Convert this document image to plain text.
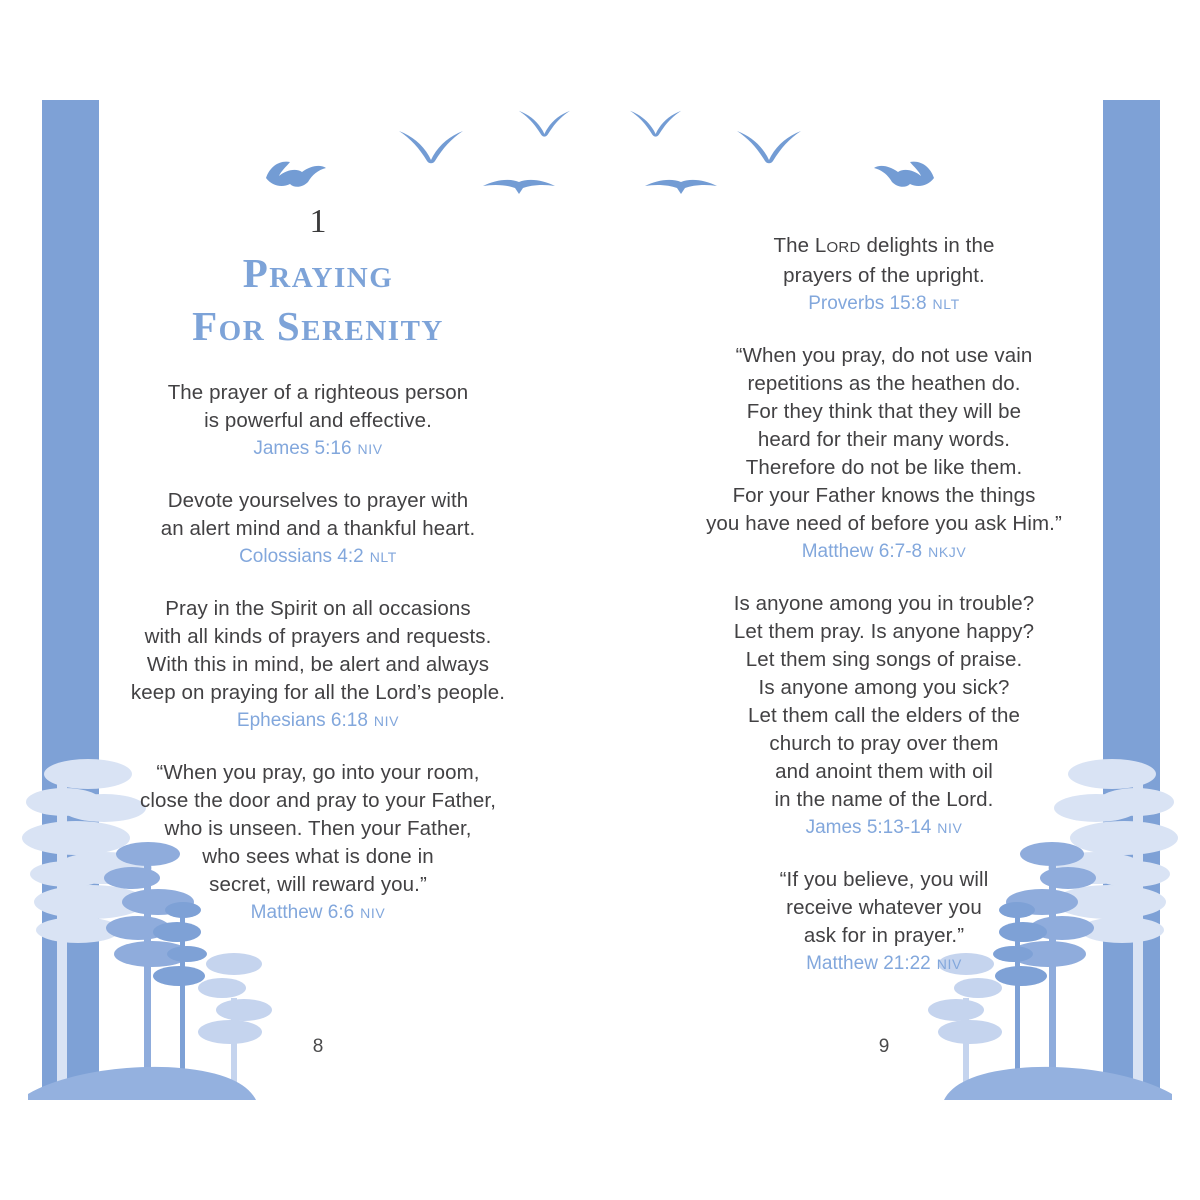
1
Praying
For Serenity
The prayer of a righteous person
is powerful and effective.
James 5:16 NIV
Devote yourselves to prayer with
an alert mind and a thankful heart.
Colossians 4:2 NLT
Pray in the Spirit on all occasions
with all kinds of prayers and requests.
With this in mind, be alert and always
keep on praying for all the Lord’s people.
Ephesians 6:18 NIV
“When you pray, go into your room,
close the door and pray to your Father,
who is unseen. Then your Father,
who sees what is done in
secret, will reward you.”
Matthew 6:6 NIV
The LORD delights in the
prayers of the upright.
Proverbs 15:8 NLT
“When you pray, do not use vain
repetitions as the heathen do.
For they think that they will be
heard for their many words.
Therefore do not be like them.
For your Father knows the things
you have need of before you ask Him.”
Matthew 6:7-8 NKJV
Is anyone among you in trouble?
Let them pray. Is anyone happy?
Let them sing songs of praise.
Is anyone among you sick?
Let them call the elders of the
church to pray over them
and anoint them with oil
in the name of the Lord.
James 5:13-14 NIV
“If you believe, you will
receive whatever you
ask for in prayer.”
Matthew 21:22 NIV
8	9
